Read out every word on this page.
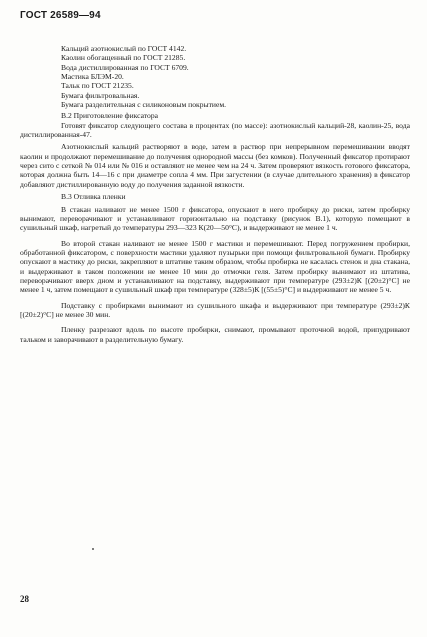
ГОСТ 26589—94
Кальций азотнокислый по ГОСТ 4142.
Каолин обогащенный по ГОСТ 21285.
Вода дистиллированная по ГОСТ 6709.
Мастика БЛЭМ-20.
Тальк по ГОСТ 21235.
Бумага фильтровальная.
Бумага разделительная с силиконовым покрытием.
В.2 Приготовление фиксатора
Готовят фиксатор следующего состава в процентах (по массе): азотнокислый кальций-28, каолин-25, вода дистиллированная-47.
Азотнокислый кальций растворяют в воде, затем в раствор при непрерывном перемешивании вводят каолин и продолжают перемешивание до получения однородной массы (без комков). Полученный фиксатор протирают через сито с сеткой № 014 или № 016 и оставляют не менее чем на 24 ч. Затем проверяют вязкость готового фиксатора, которая должна быть 14—16 с при диаметре сопла 4 мм. При загустении (в случае длительного хранения) в фиксатор добавляют дистиллированную воду до получения заданной вязкости.
В.3 Отливка пленки
В стакан наливают не менее 1500 г фиксатора, опускают в него пробирку до риски, затем пробирку вынимают, переворачивают и устанавливают горизонтально на подставку (рисунок В.1), которую помещают в сушильный шкаф, нагретый до температуры 293—323 К(20—50°С), и выдерживают не менее 1 ч.
Во второй стакан наливают не менее 1500 г мастики и перемешивают. Перед погружением пробирки, обработанной фиксатором, с поверхности мастики удаляют пузырьки при помощи фильтровальной бумаги. Пробирку опускают в мастику до риски, закрепляют в штативе таким образом, чтобы пробирка не касалась стенок и дна стакана, и выдерживают в таком положении не менее 10 мин до отмочки геля. Затем пробирку вынимают из штатива, переворачивают вверх дном и устанавливают на подставку, выдерживают при температуре (293±2)К [(20±2)°С] не менее 1 ч, затем помещают в сушильный шкаф при температуре (328±5)К [(55±5)°С] и выдерживают не менее 5 ч.
Подставку с пробирками вынимают из сушильного шкафа и выдерживают при температуре (293±2)К [(20±2)°С] не менее 30 мин.
Пленку разрезают вдоль по высоте пробирки, снимают, промывают проточной водой, припудривают тальком и заворачивают в разделительную бумагу.
28
